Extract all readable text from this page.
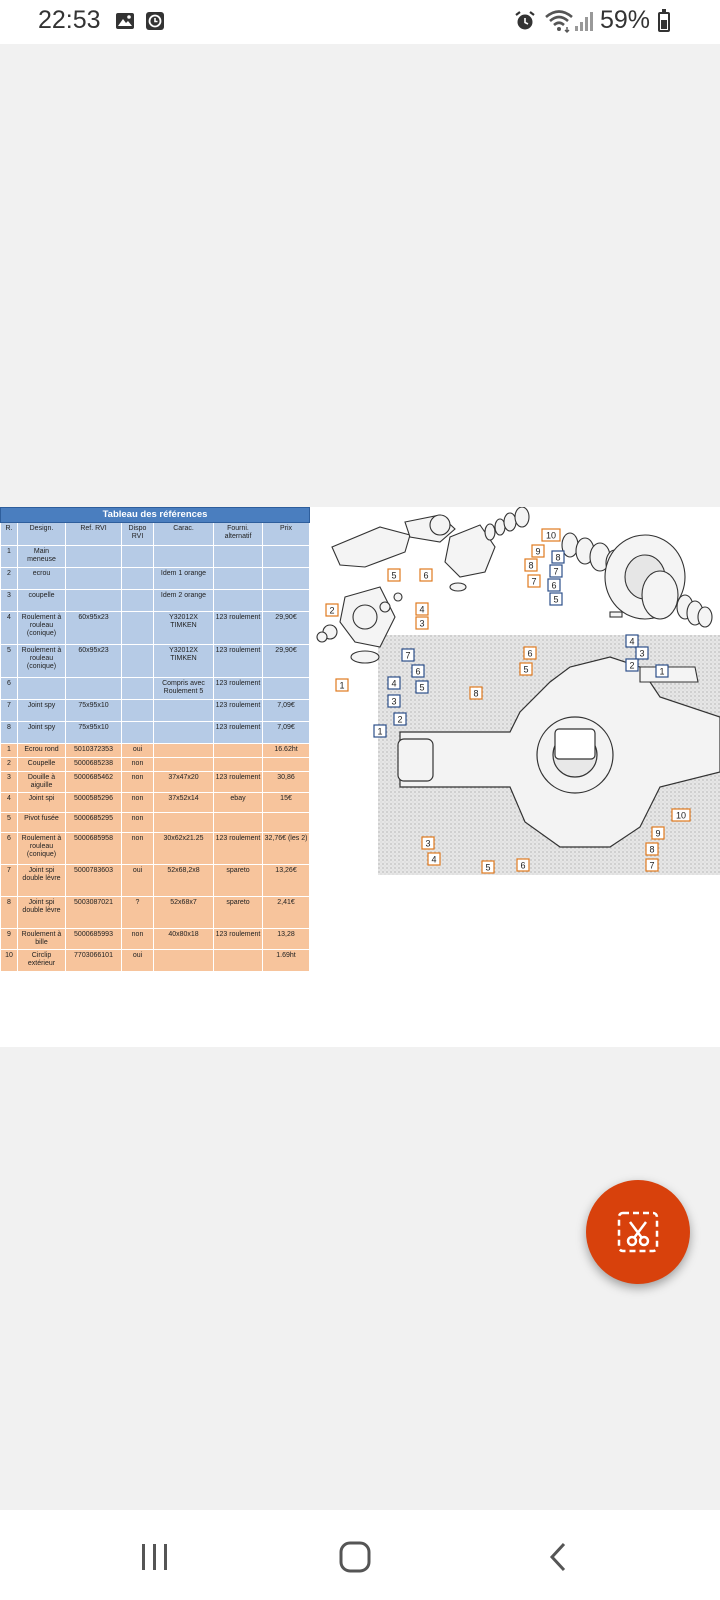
22:53	59%
Tableau des références						
R.	Design.	Ref. RVI	Dispo RVI	Carac.	Fourni. alternatif	Prix
1	Main meneuse					
2	ecrou			Idem 1 orange		
3	coupelle			Idem 2 orange		
4	Roulement à rouleau (conique)	60x95x23		Y32012X TIMKEN	123 roulement	29,90€
5	Roulement à rouleau (conique)	60x95x23		Y32012X TIMKEN	123 roulement	29,90€
6				Compris avec Roulement 5	123 roulement	
7	Joint spy	75x95x10			123 roulement	7,09€
8	Joint spy	75x95x10			123 roulement	7,09€
1	Ecrou rond	5010372353	oui			16.62ht
2	Coupelle	5000685238	non			
3	Douille à aiguille	5000685462	non	37x47x20	123 roulement	30,86
4	Joint spi	5000585296	non	37x52x14	ebay	15€
5	Pivot fusée	5000685295	non			
6	Roulement à rouleau (conique)	5000685958	non	30x62x21.25	123 roulement	32,76€ (les 2)
7	Joint spi double lèvre	5000783603	oui	52x68,2x8	spareto	13,26€
8	Joint spi double lèvre	5003087021	?	52x68x7	spareto	2,41€
9	Roulement à bille	5000685993	non	40x80x18	123 roulement	13,28
10	Circlip extérieur	7703066101	oui			1.69ht
10
9
8
7
5	6
4
3
2
1
6
5
8
10
9
8
7
3
4
5	6
8
7
6
5
4
3
2
1
7
6
5
4
3
2
1
